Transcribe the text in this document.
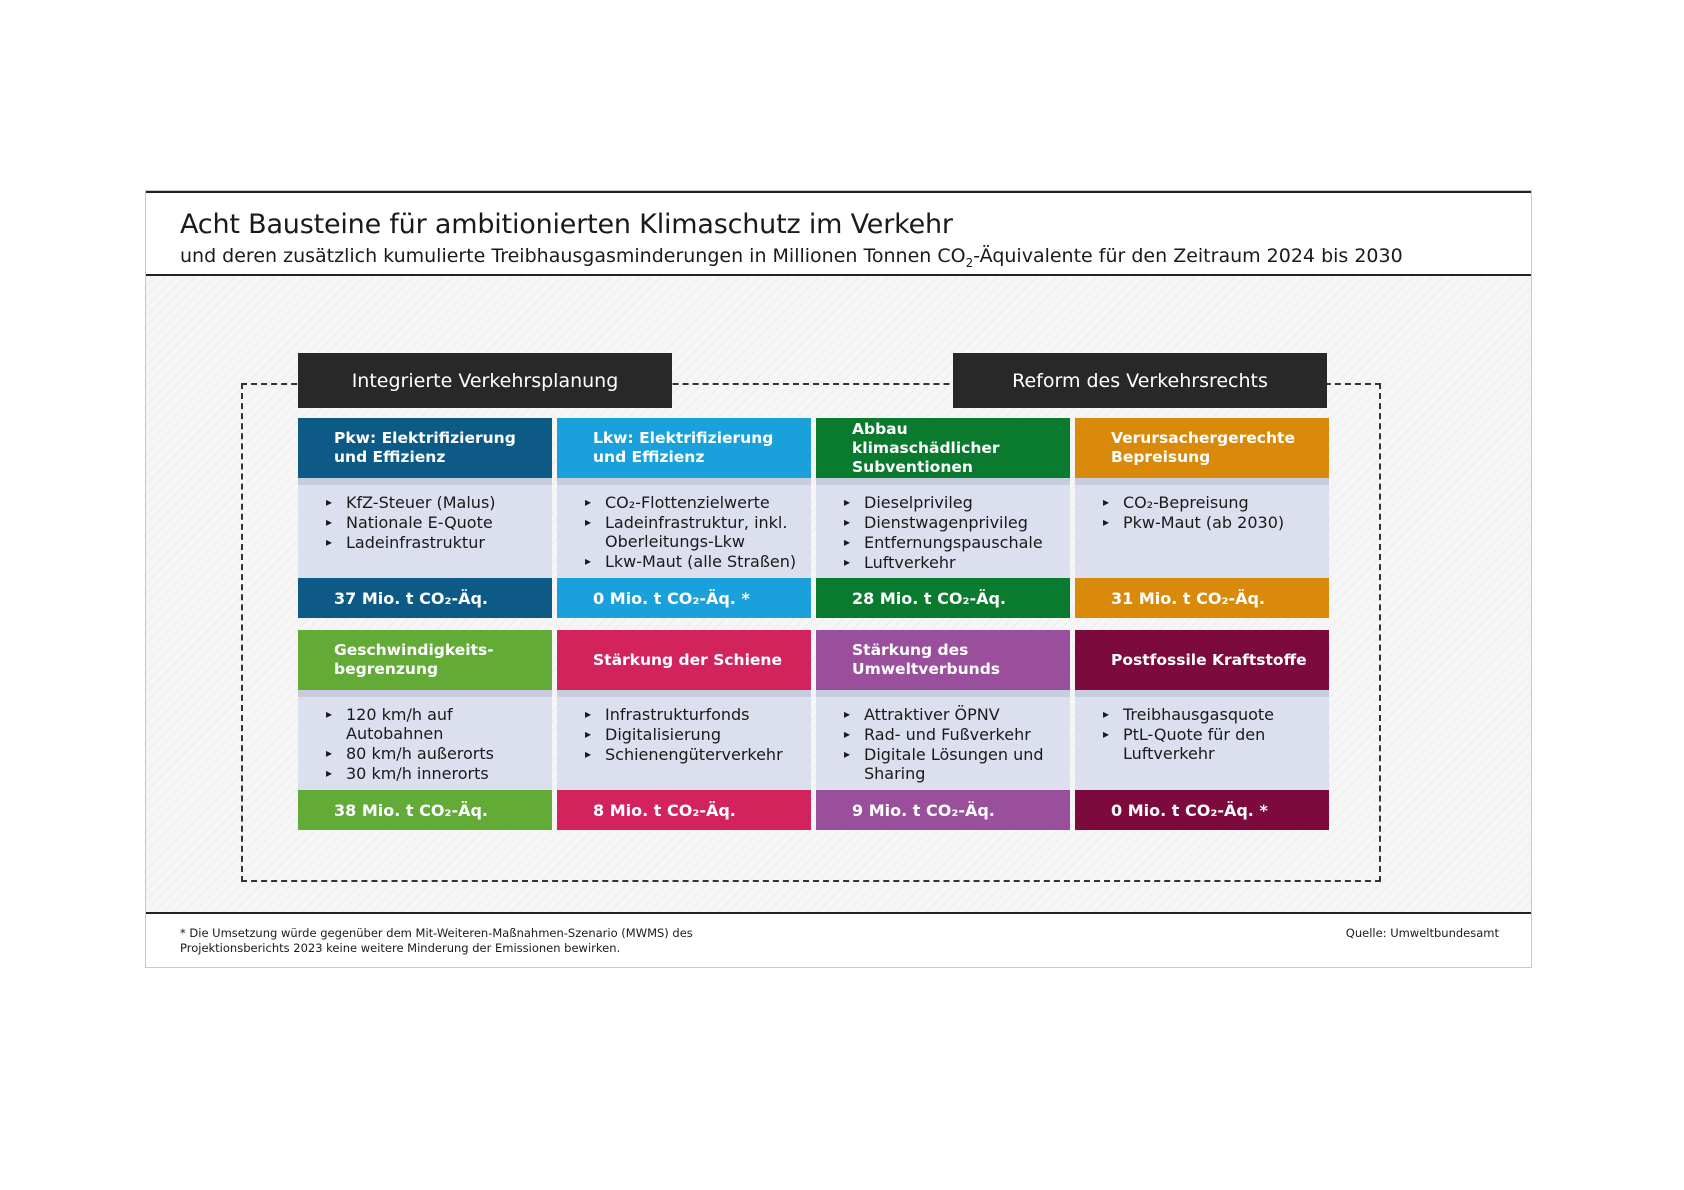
Acht Bausteine für ambitionierten Klimaschutz im Verkehr
und deren zusätzlich kumulierte Treibhausgasminderungen in Millionen Tonnen $CO_2$-Äquivalente für den Zeitraum 2024 bis 2030
Integrierte Verkehrsplanung	Reform des Verkehrsrechts
Pkw: Elektrifizierung und Effizienz
▸ KfZ-Steuer (Malus)
▸ Nationale E-Quote
▸ Ladeinfrastruktur
37 Mio. t CO₂-Äq.
Lkw: Elektrifizierung und Effizienz
▸ CO₂-Flottenzielwerte
▸ Ladeinfrastruktur, inkl. Oberleitungs-Lkw
▸ Lkw-Maut (alle Straßen)
0 Mio. t CO₂-Äq. *
Abbau klimaschädlicher Subventionen
▸ Dieselprivileg
▸ Dienstwagenprivileg
▸ Entfernungspauschale
▸ Luftverkehr
28 Mio. t CO₂-Äq.
Verursachergerechte Bepreisung
▸ CO₂-Bepreisung
▸ Pkw-Maut (ab 2030)
31 Mio. t CO₂-Äq.
Geschwindigkeits-begrenzung
▸ 120 km/h auf Autobahnen
▸ 80 km/h außerorts
▸ 30 km/h innerorts
38 Mio. t CO₂-Äq.
Stärkung der Schiene
▸ Infrastrukturfonds
▸ Digitalisierung
▸ Schienengüterverkehr
8 Mio. t CO₂-Äq.
Stärkung des Umweltverbunds
▸ Attraktiver ÖPNV
▸ Rad- und Fußverkehr
▸ Digitale Lösungen und Sharing
9 Mio. t CO₂-Äq.
Postfossile Kraftstoffe
▸ Treibhausgasquote
▸ PtL-Quote für den Luftverkehr
0 Mio. t CO₂-Äq. *
* Die Umsetzung würde gegenüber dem Mit-Weiteren-Maßnahmen-Szenario (MWMS) des Projektionsberichts 2023 keine weitere Minderung der Emissionen bewirken.
Quelle: Umweltbundesamt
